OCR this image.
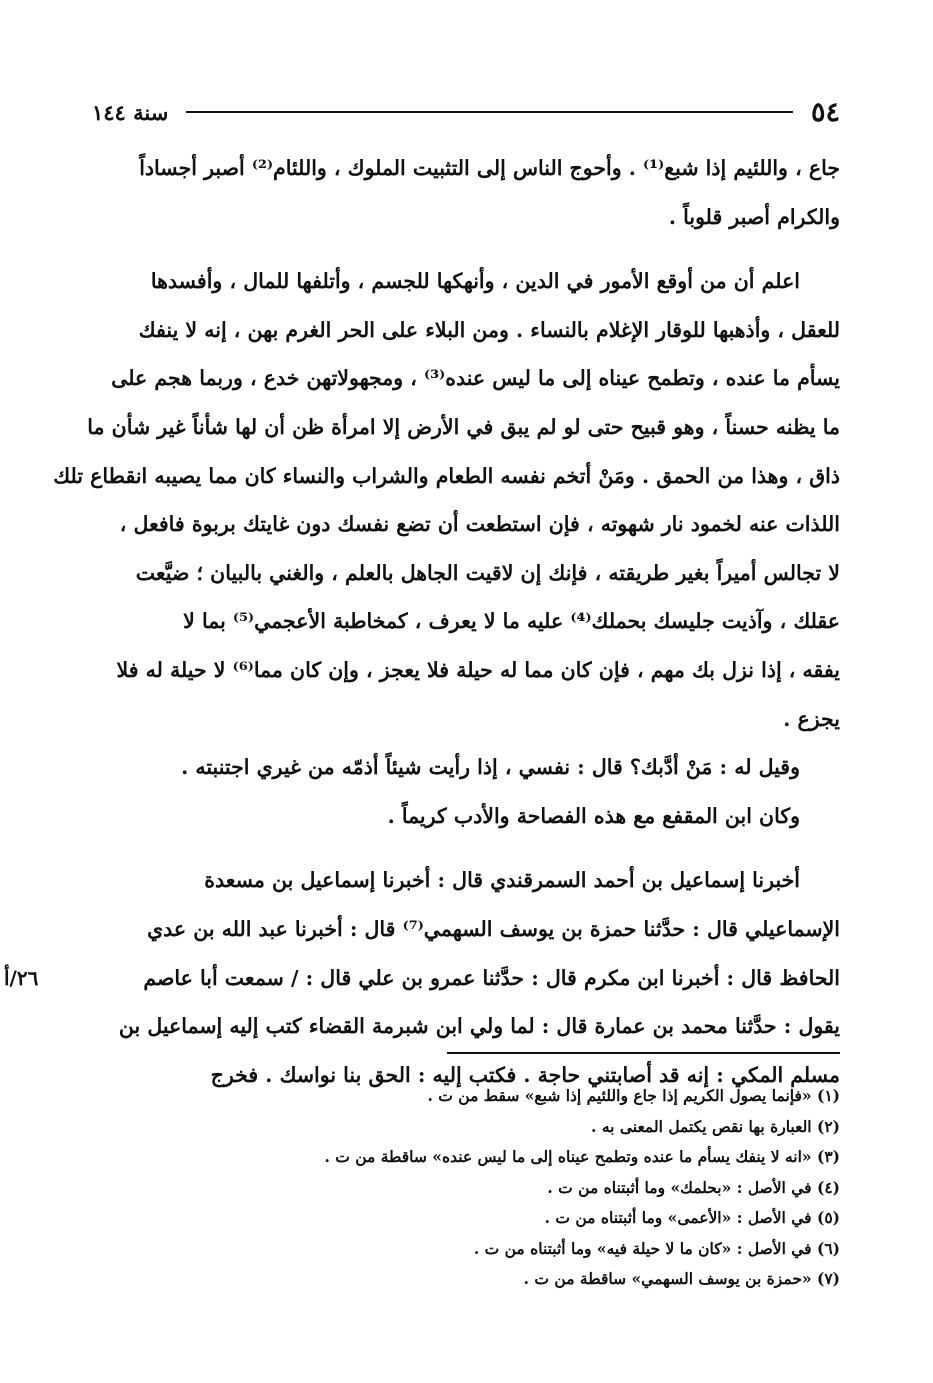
٥٤
سنة ١٤٤
جاع ، واللئيم إذا شبع⁽¹⁾ . وأحوج الناس إلى التثبيت الملوك ، واللئام⁽²⁾ أصبر أجساداً
والكرام أصبر قلوباً .
اعلم أن من أوقع الأمور في الدين ، وأنهكها للجسم ، وأتلفها للمال ، وأفسدها
للعقل ، وأذهبها للوقار الإغلام بالنساء . ومن البلاء على الحر الغرم بهن ، إنه لا ينفك
يسأم ما عنده ، وتطمح عيناه إلى ما ليس عنده⁽³⁾ ، ومجهولاتهن خدع ، وربما هجم على
ما يظنه حسناً ، وهو قبيح حتى لو لم يبق في الأرض إلا امرأة ظن أن لها شأناً غير شأن ما
ذاق ، وهذا من الحمق . ومَنْ أتخم نفسه الطعام والشراب والنساء كان مما يصيبه انقطاع تلك
اللذات عنه لخمود نار شهوته ، فإن استطعت أن تضع نفسك دون غايتك بربوة فافعل ،
لا تجالس أميراً بغير طريقته ، فإنك إن لاقيت الجاهل بالعلم ، والغني بالبيان ؛ ضيَّعت
عقلك ، وآذيت جليسك بحملك⁽⁴⁾ عليه ما لا يعرف ، كمخاطبة الأعجمي⁽⁵⁾ بما لا
يفقه ، إذا نزل بك مهم ، فإن كان مما له حيلة فلا يعجز ، وإن كان مما⁽⁶⁾ لا حيلة له فلا
يجزع .
وقيل له : مَنْ أدَّبك؟ قال : نفسي ، إذا رأيت شيئاً أذمّه من غيري اجتنبته .
وكان ابن المقفع مع هذه الفصاحة والأدب كريماً .
أخبرنا إسماعيل بن أحمد السمرقندي قال : أخبرنا إسماعيل بن مسعدة
الإسماعيلي قال : حدَّثنا حمزة بن يوسف السهمي⁽⁷⁾ قال : أخبرنا عبد الله بن عدي
الحافظ قال : أخبرنا ابن مكرم قال : حدَّثنا عمرو بن علي قال : / سمعت أبا عاصم
٢٦/أ
يقول : حدَّثنا محمد بن عمارة قال : لما ولي ابن شبرمة القضاء كتب إليه إسماعيل بن
مسلم المكي : إنه قد أصابتني حاجة . فكتب إليه : الحق بنا نواسك . فخرج
(١) «فإنما يصول الكريم إذا جاع واللئيم إذا شبع» سقط من ت .
(٢) العبارة بها نقص يكتمل المعنى به .
(٣) «انه لا ينفك يسأم ما عنده وتطمح عيناه إلى ما ليس عنده» ساقطة من ت .
(٤) في الأصل : «بحلمك» وما أثبتناه من ت .
(٥) في الأصل : «الأعمى» وما أثبتناه من ت .
(٦) في الأصل : «كان ما لا حيلة فيه» وما أثبتناه من ت .
(٧) «حمزة بن يوسف السهمي» ساقطة من ت .
